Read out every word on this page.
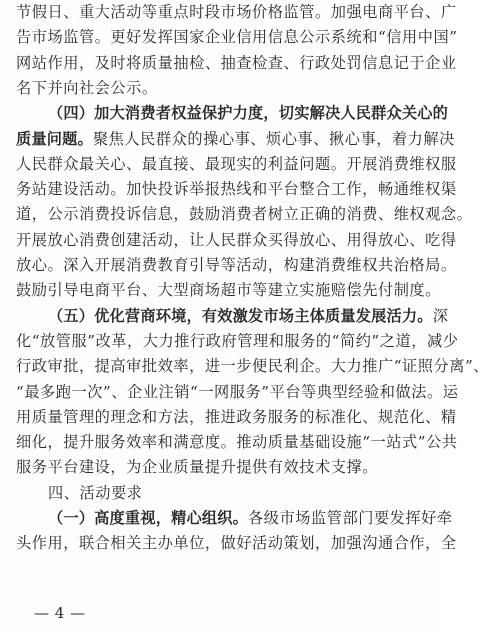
节假日、重大活动等重点时段市场价格监管。加强电商平台、广
告市场监管。更好发挥国家企业信用信息公示系统和“信用中国”
网站作用，及时将质量抽检、抽查检查、行政处罚信息记于企业
名下并向社会公示。
（四）加大消费者权益保护力度，切实解决人民群众关心的
质量问题。聚焦人民群众的操心事、烦心事、揪心事，着力解决
人民群众最关心、最直接、最现实的利益问题。开展消费维权服
务站建设活动。加快投诉举报热线和平台整合工作，畅通维权渠
道，公示消费投诉信息，鼓励消费者树立正确的消费、维权观念。
开展放心消费创建活动，让人民群众买得放心、用得放心、吃得
放心。深入开展消费教育引导等活动，构建消费维权共治格局。
鼓励引导电商平台、大型商场超市等建立实施赔偿先付制度。
（五）优化营商环境，有效激发市场主体质量发展活力。深
化“放管服”改革，大力推行政府管理和服务的“简约”之道，减少
行政审批，提高审批效率，进一步便民利企。大力推广“证照分离”、
“最多跑一次”、企业注销“一网服务”平台等典型经验和做法。运
用质量管理的理念和方法，推进政务服务的标准化、规范化、精
细化，提升服务效率和满意度。推动质量基础设施“一站式”公共
服务平台建设，为企业质量提升提供有效技术支撑。
四、活动要求
（一）高度重视，精心组织。各级市场监管部门要发挥好牵
头作用，联合相关主办单位，做好活动策划，加强沟通合作，全
— 4 —
